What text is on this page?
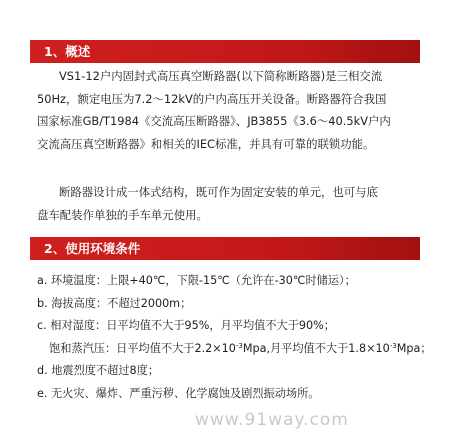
1、概述
VS1-12户内固封式高压真空断路器(以下简称断路器)是三相交流
50Hz，额定电压为7.2～12kV的户内高压开关设备。断路器符合我国
国家标准GB/T1984《交流高压断路器》、JB3855《3.6～40.5kV户内
交流高压真空断路器》和相关的IEC标准，并具有可靠的联锁功能。
断路器设计成一体式结构，既可作为固定安装的单元，也可与底
盘车配装作单独的手车单元使用。
2、使用环境条件
a. 环境温度：上限+40℃，下限-15℃（允许在-30℃时储运）；
b. 海拔高度：不超过2000m；
c. 相对湿度：日平均值不大于95%，月平均值不大于90%；
饱和蒸汽压：日平均值不大于$2.2\times 10^{-3}Mpa$,月平均值不大于$1.8\times 10^{-3}Mpa$；
d. 地震烈度不超过8度；
e. 无火灾、爆炸、严重污秽、化学腐蚀及剧烈振动场所。
www.91way.com
